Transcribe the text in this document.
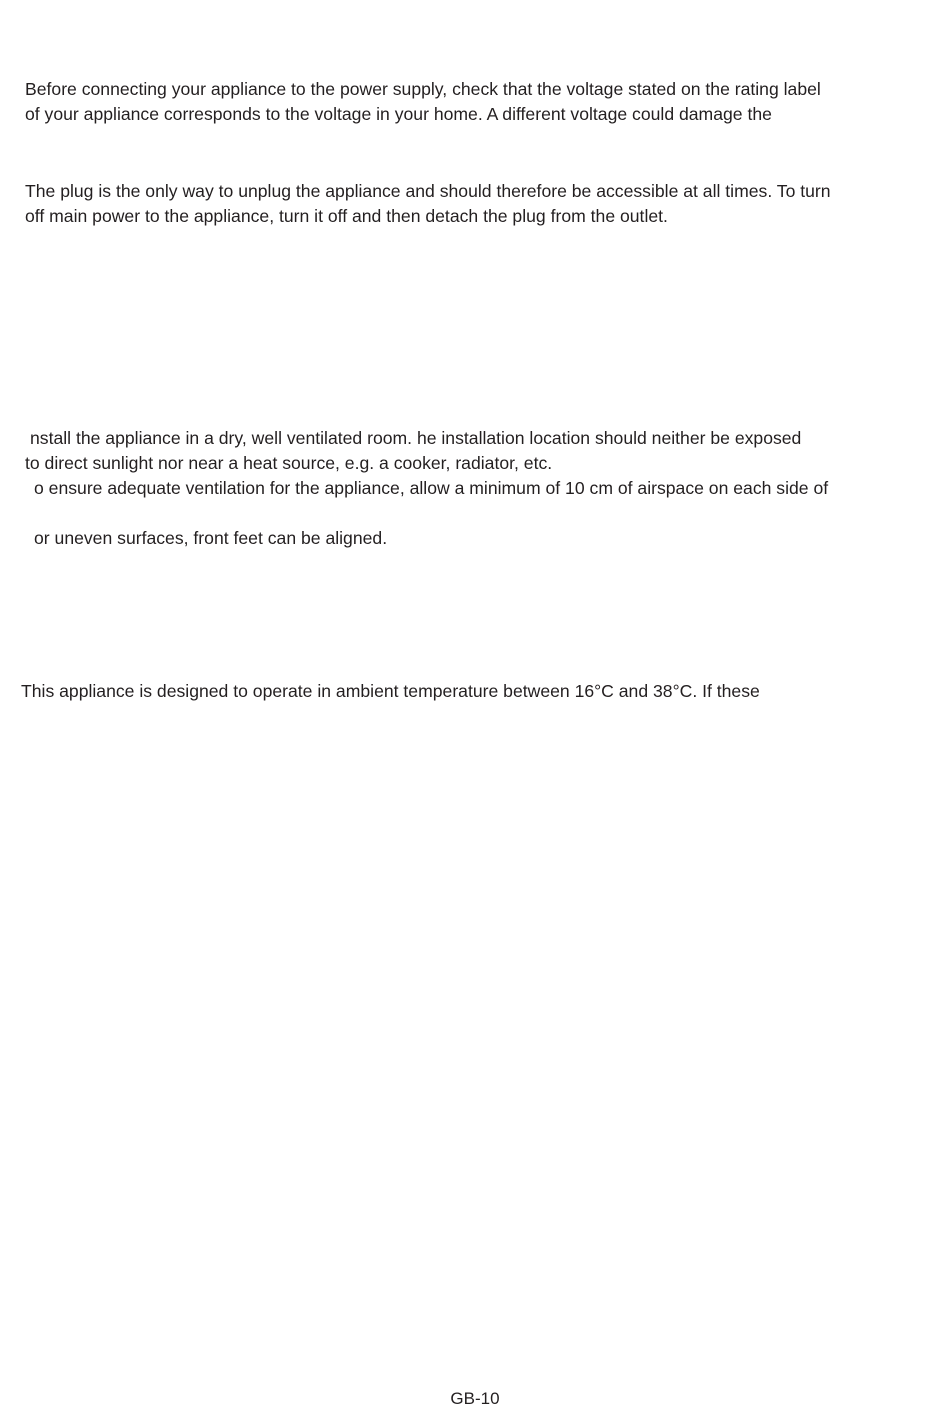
Before connecting your appliance to the power supply, check that the voltage stated on the rating label
of your appliance corresponds to the voltage in your home. A different voltage could damage the
The plug is the only way to unplug the appliance and should therefore be accessible at all times. To turn
off main power to the appliance, turn it off and then detach the plug from the outlet.
nstall the appliance in a dry, well ventilated room. he installation location should neither be exposed
to direct sunlight nor near a heat source, e.g. a cooker, radiator, etc.
o ensure adequate ventilation for the appliance, allow a minimum of 10 cm of airspace on each side of
or uneven surfaces, front feet can be aligned.
This appliance is designed to operate in ambient temperature between 16°C and 38°C. If these
GB-10
